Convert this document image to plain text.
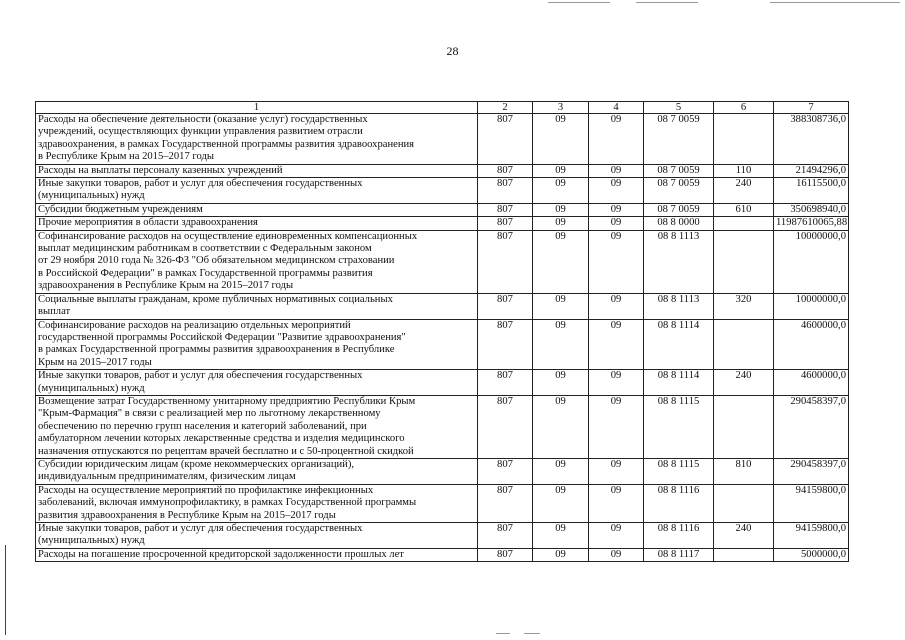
28
1	2	3	4	5	6	7

Расходы на обеспечение деятельности (оказание услуг) государственных
учреждений, осуществляющих функции управления развитием отрасли
здравоохранения, в рамках Государственной программы развития здравоохранения
в Республике Крым на 2015–2017 годы	807	09	09	08 7 0059		388308736,0

Расходы на выплаты персоналу казенных учреждений	807	09	09	08 7 0059	110	21494296,0

Иные закупки товаров, работ и услуг для обеспечения государственных
(муниципальных) нужд	807	09	09	08 7 0059	240	16115500,0

Субсидии бюджетным учреждениям	807	09	09	08 7 0059	610	350698940,0

Прочие мероприятия в области здравоохранения	807	09	09	08 8 0000		11987610065,88

Софинансирование расходов на осуществление единовременных компенсационных
выплат медицинским работникам в соответствии с Федеральным законом
от 29 ноября 2010 года № 326-ФЗ "Об обязательном медицинском страховании
в Российской Федерации" в рамках Государственной программы развития
здравоохранения в Республике Крым на 2015–2017 годы	807	09	09	08 8 1113		10000000,0

Социальные выплаты гражданам, кроме публичных нормативных социальных
выплат	807	09	09	08 8 1113	320	10000000,0

Софинансирование расходов на реализацию отдельных мероприятий
государственной программы Российской Федерации "Развитие здравоохранения"
в рамках Государственной программы развития здравоохранения в Республике
Крым на 2015–2017 годы	807	09	09	08 8 1114		4600000,0

Иные закупки товаров, работ и услуг для обеспечения государственных
(муниципальных) нужд	807	09	09	08 8 1114	240	4600000,0

Возмещение затрат Государственному унитарному предприятию Республики Крым
"Крым-Фармация" в связи с реализацией мер по льготному лекарственному
обеспечению по перечню групп населения и категорий заболеваний, при
амбулаторном лечении которых лекарственные средства и изделия медицинского
назначения отпускаются по рецептам врачей бесплатно и с 50-процентной скидкой	807	09	09	08 8 1115		290458397,0

Субсидии юридическим лицам (кроме некоммерческих организаций),
индивидуальным предпринимателям, физическим лицам	807	09	09	08 8 1115	810	290458397,0

Расходы на осуществление мероприятий по профилактике инфекционных
заболеваний, включая иммунопрофилактику, в рамках Государственной программы
развития здравоохранения в Республике Крым на 2015–2017 годы	807	09	09	08 8 1116		94159800,0

Иные закупки товаров, работ и услуг для обеспечения государственных
(муниципальных) нужд	807	09	09	08 8 1116	240	94159800,0

Расходы на погашение просроченной кредиторской задолженности прошлых лет	807	09	09	08 8 1117		5000000,0
